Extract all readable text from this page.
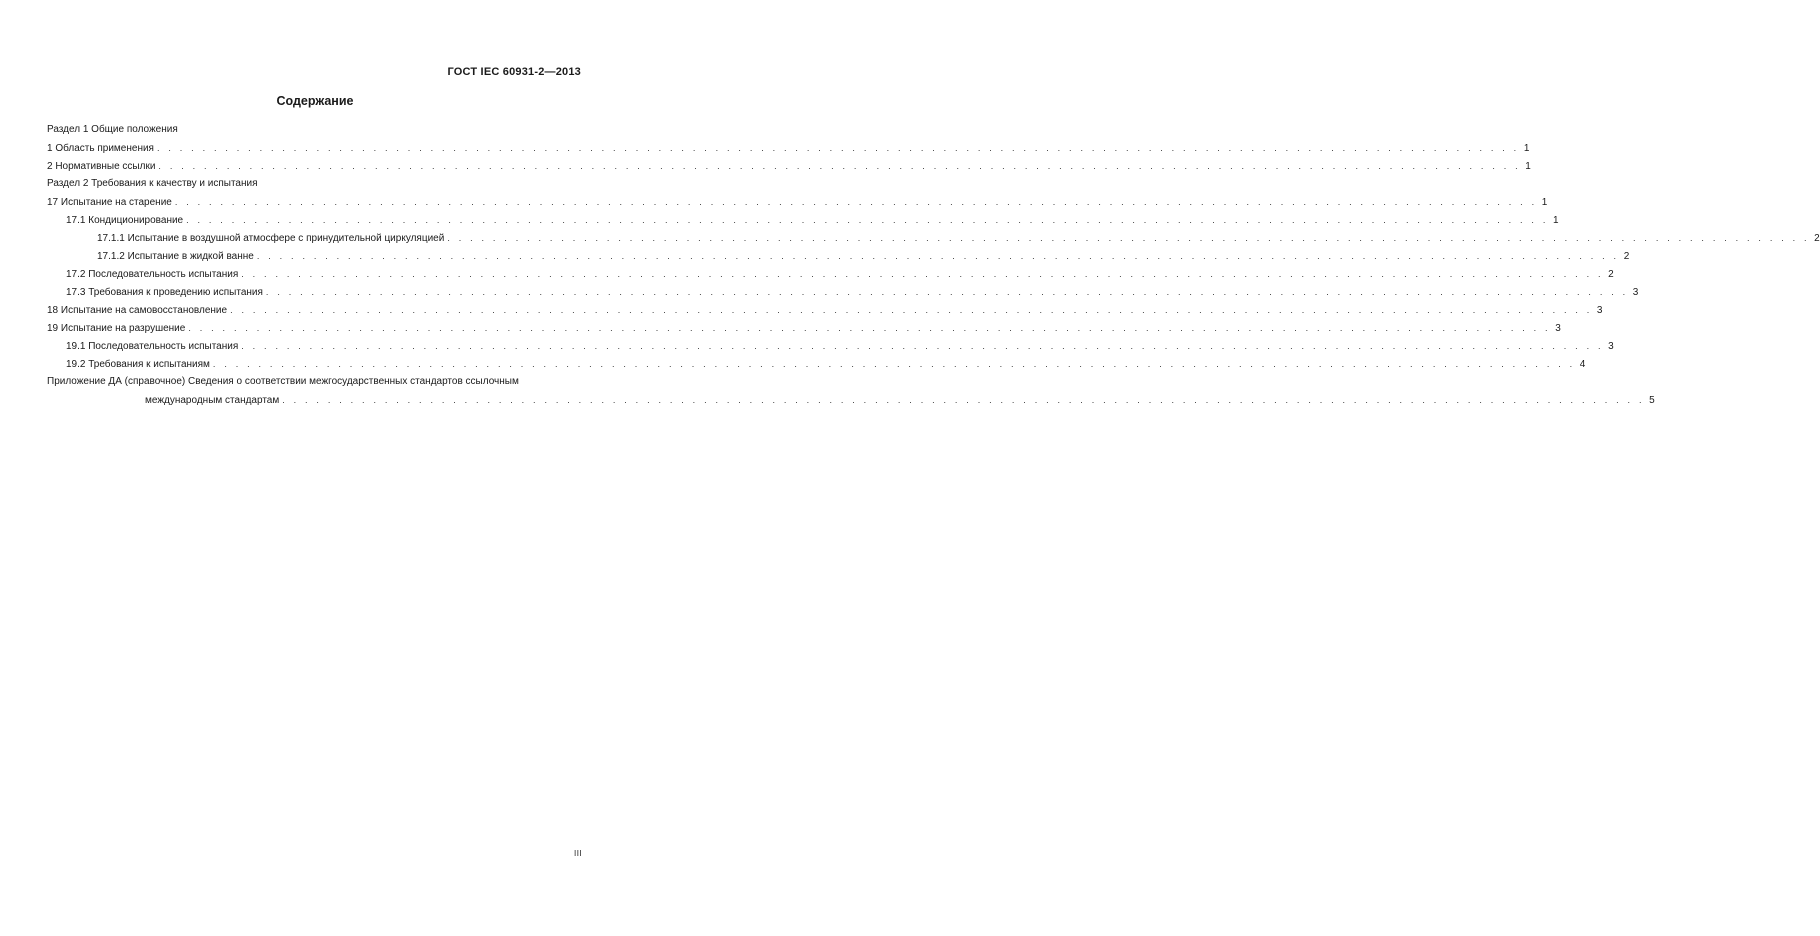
ГОСТ IEC 60931-2—2013
Содержание
Раздел 1 Общие положения
1 Область применения . . . . . . . . . . . . . . . . . . . . . . . . . . . . . . . . . . . . . . . . . . . . . . . . . . . . . . . . . . . . . . . . . . . . . . . . . . . . . . . . . . . . . . . . . . . . . . . . . . . . . . . . . . . . . . . . . . . . . . . . 1
2 Нормативные ссылки . . . . . . . . . . . . . . . . . . . . . . . . . . . . . . . . . . . . . . . . . . . . . . . . . . . . . . . . . . . . . . . . . . . . . . . . . . . . . . . . . . . . . . . . . . . . . . . . . . . . . . . . . . . . . . . . . . . . . . . . 1
Раздел 2 Требования к качеству и испытания
17 Испытание на старение . . . . . . . . . . . . . . . . . . . . . . . . . . . . . . . . . . . . . . . . . . . . . . . . . . . . . . . . . . . . . . . . . . . . . . . . . . . . . . . . . . . . . . . . . . . . . . . . . . . . . . . . . . . . . . . . . . . . . . . . 1
17.1 Кондиционирование . . . . . . . . . . . . . . . . . . . . . . . . . . . . . . . . . . . . . . . . . . . . . . . . . . . . . . . . . . . . . . . . . . . . . . . . . . . . . . . . . . . . . . . . . . . . . . . . . . . . . . . . . . . . . . . . . . . . . . . . 1
17.1.1 Испытание в воздушной атмосфере с принудительной циркуляцией . . . . . . . . . . . . . . . . . . . . . . . . . . . . . . . . . . . . . . . . . . . . . . . . . . . . . . . . . . . . . . . . . . . . . . . . . . . . . . . . . . . . . . . . . . . . . . . . . . . . . . . . . . . . . . . . . . . . . . . . 2
17.1.2 Испытание в жидкой ванне . . . . . . . . . . . . . . . . . . . . . . . . . . . . . . . . . . . . . . . . . . . . . . . . . . . . . . . . . . . . . . . . . . . . . . . . . . . . . . . . . . . . . . . . . . . . . . . . . . . . . . . . . . . . . . . . . . . . . . . . 2
17.2 Последовательность испытания . . . . . . . . . . . . . . . . . . . . . . . . . . . . . . . . . . . . . . . . . . . . . . . . . . . . . . . . . . . . . . . . . . . . . . . . . . . . . . . . . . . . . . . . . . . . . . . . . . . . . . . . . . . . . . . . . . . . . . . . 2
17.3 Требования к проведению испытания . . . . . . . . . . . . . . . . . . . . . . . . . . . . . . . . . . . . . . . . . . . . . . . . . . . . . . . . . . . . . . . . . . . . . . . . . . . . . . . . . . . . . . . . . . . . . . . . . . . . . . . . . . . . . . . . . . . . . . . . 3
18 Испытание на самовосстановление . . . . . . . . . . . . . . . . . . . . . . . . . . . . . . . . . . . . . . . . . . . . . . . . . . . . . . . . . . . . . . . . . . . . . . . . . . . . . . . . . . . . . . . . . . . . . . . . . . . . . . . . . . . . . . . . . . . . . . . . 3
19 Испытание на разрушение . . . . . . . . . . . . . . . . . . . . . . . . . . . . . . . . . . . . . . . . . . . . . . . . . . . . . . . . . . . . . . . . . . . . . . . . . . . . . . . . . . . . . . . . . . . . . . . . . . . . . . . . . . . . . . . . . . . . . . . . 3
19.1 Последовательность испытания . . . . . . . . . . . . . . . . . . . . . . . . . . . . . . . . . . . . . . . . . . . . . . . . . . . . . . . . . . . . . . . . . . . . . . . . . . . . . . . . . . . . . . . . . . . . . . . . . . . . . . . . . . . . . . . . . . . . . . . . 3
19.2 Требования к испытаниям . . . . . . . . . . . . . . . . . . . . . . . . . . . . . . . . . . . . . . . . . . . . . . . . . . . . . . . . . . . . . . . . . . . . . . . . . . . . . . . . . . . . . . . . . . . . . . . . . . . . . . . . . . . . . . . . . . . . . . . . 4
Приложение ДА (справочное) Сведения о соответствии межгосударственных стандартов ссылочным
международным стандартам . . . . . . . . . . . . . . . . . . . . . . . . . . . . . . . . . . . . . . . . . . . . . . . . . . . . . . . . . . . . . . . . . . . . . . . . . . . . . . . . . . . . . . . . . . . . . . . . . . . . . . . . . . . . . . . . . . . . . . . . 5
III
